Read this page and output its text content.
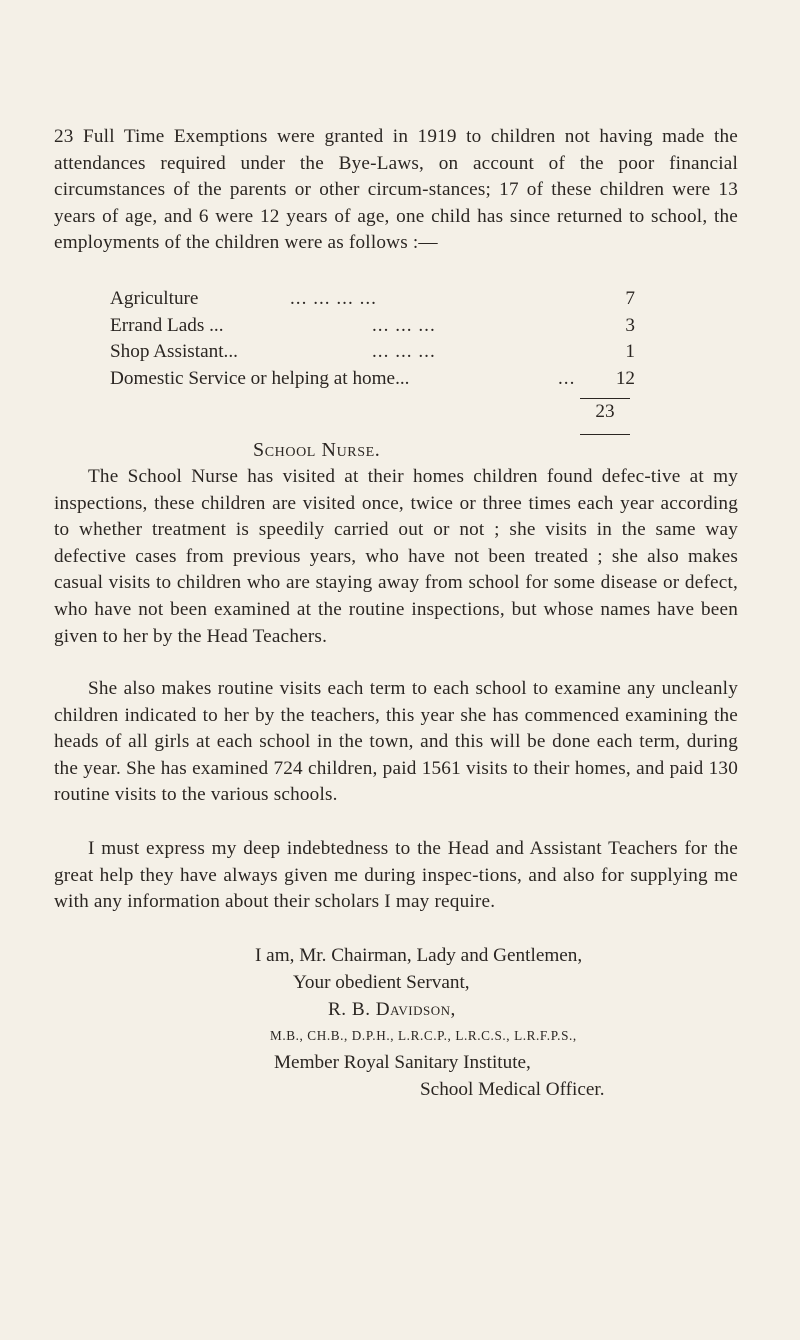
23 Full Time Exemptions were granted in 1919 to children not having made the attendances required under the Bye-Laws, on account of the poor financial circumstances of the parents or other circum-stances; 17 of these children were 13 years of age, and 6 were 12 years of age, one child has since returned to school, the employments of the children were as follows :—
Agriculture	... ... ... ...	7
Errand Lads ...	... ... ...	3
Shop Assistant...	... ... ...	1
Domestic Service or helping at home...	...	12
23
School Nurse.
The School Nurse has visited at their homes children found defec-tive at my inspections, these children are visited once, twice or three times each year according to whether treatment is speedily carried out or not ; she visits in the same way defective cases from previous years, who have not been treated ; she also makes casual visits to children who are staying away from school for some disease or defect, who have not been examined at the routine inspections, but whose names have been given to her by the Head Teachers.
She also makes routine visits each term to each school to examine any uncleanly children indicated to her by the teachers, this year she has commenced examining the heads of all girls at each school in the town, and this will be done each term, during the year. She has examined 724 children, paid 1561 visits to their homes, and paid 130 routine visits to the various schools.
I must express my deep indebtedness to the Head and Assistant Teachers for the great help they have always given me during inspec-tions, and also for supplying me with any information about their scholars I may require.
I am, Mr. Chairman, Lady and Gentlemen,
Your obedient Servant,
R. B. Davidson,
M.B., CH.B., D.P.H., L.R.C.P., L.R.C.S., L.R.F.P.S.,
Member Royal Sanitary Institute,
School Medical Officer.
